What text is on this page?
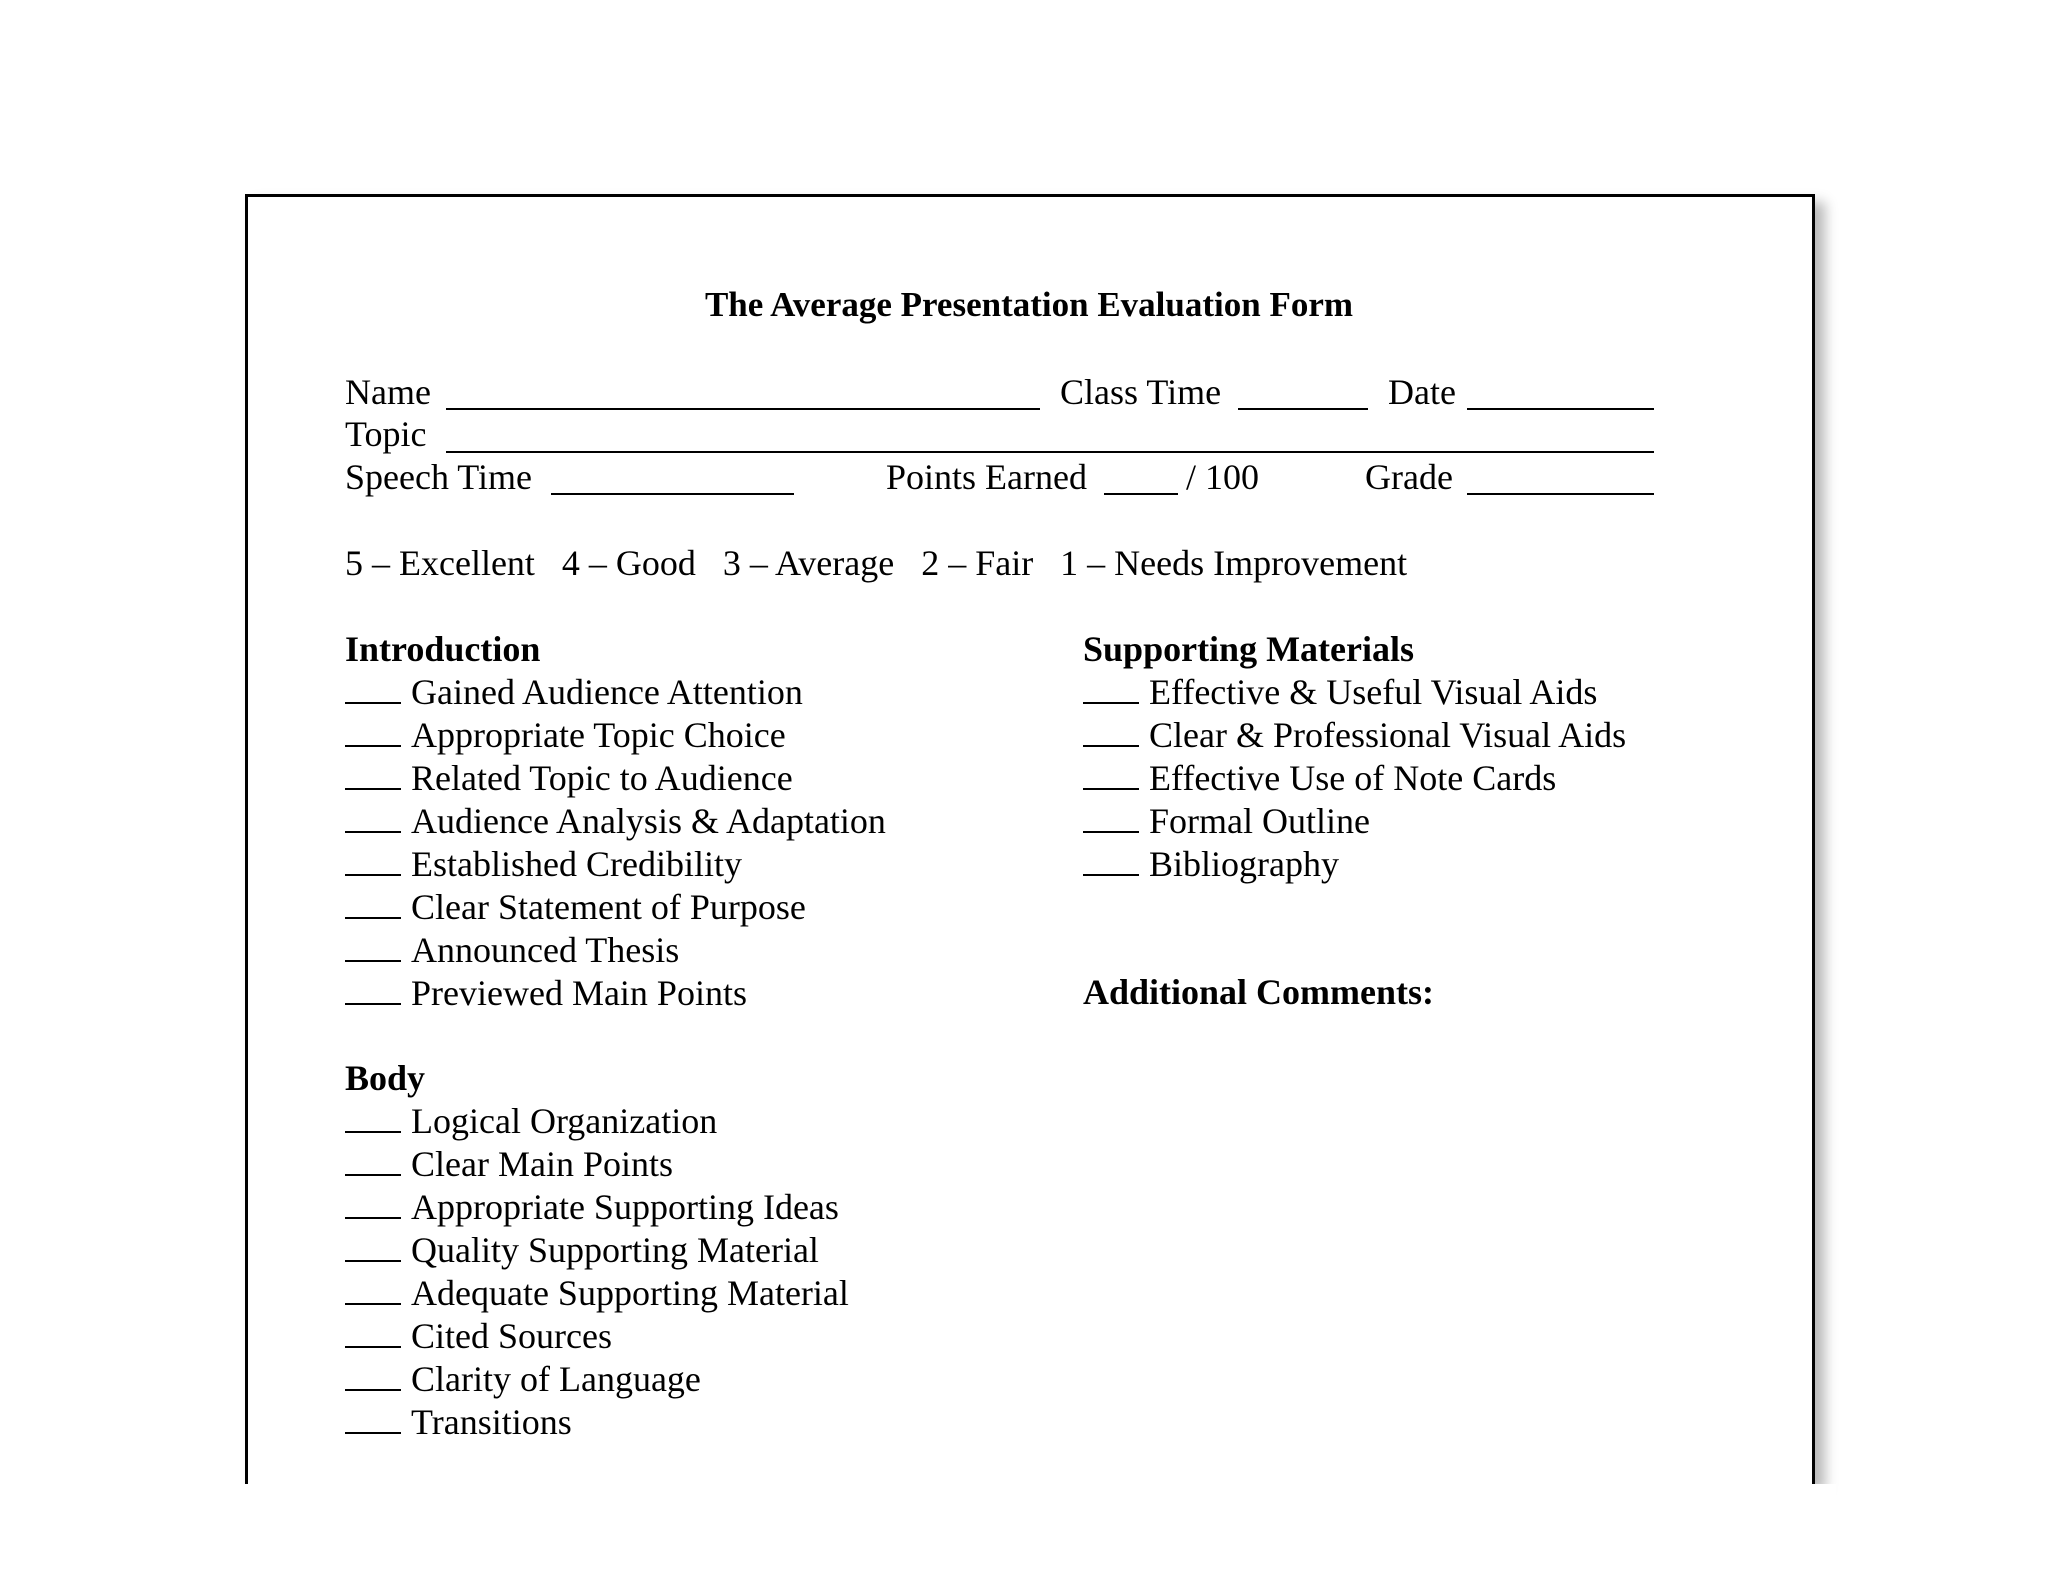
The Average Presentation Evaluation Form
Name	Class Time	Date
Topic
Speech Time	Points Earned	/ 100	Grade
5 – Excellent   4 – Good   3 – Average   2 – Fair   1 – Needs Improvement
Introduction
Gained Audience Attention
Appropriate Topic Choice
Related Topic to Audience
Audience Analysis & Adaptation
Established Credibility
Clear Statement of Purpose
Announced Thesis
Previewed Main Points
Body
Logical Organization
Clear Main Points
Appropriate Supporting Ideas
Quality Supporting Material
Adequate Supporting Material
Cited Sources
Clarity of Language
Transitions
Supporting Materials
Effective & Useful Visual Aids
Clear & Professional Visual Aids
Effective Use of Note Cards
Formal Outline
Bibliography
Additional Comments:
